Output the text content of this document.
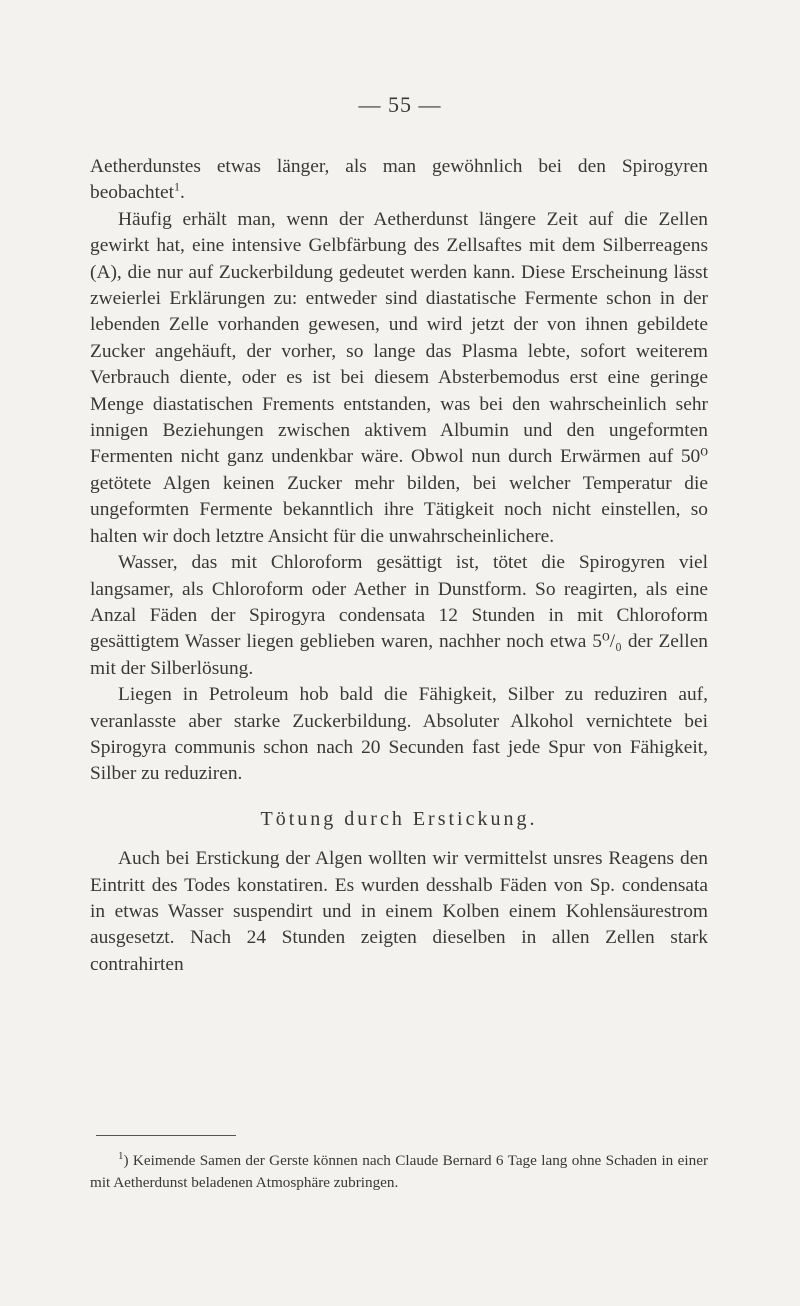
— 55 —

Aetherdunstes etwas länger, als man gewöhnlich bei den Spirogyren beobachtet$^1$.

Häufig erhält man, wenn der Aetherdunst längere Zeit auf die Zellen gewirkt hat, eine intensive Gelbfärbung des Zellsaftes mit dem Silberreagens (A), die nur auf Zuckerbildung gedeutet werden kann. Diese Erscheinung lässt zweierlei Erklärungen zu: entweder sind diastatische Fermente schon in der lebenden Zelle vorhanden gewesen, und wird jetzt der von ihnen gebildete Zucker angehäuft, der vorher, so lange das Plasma lebte, sofort weiterem Verbrauch diente, oder es ist bei diesem Absterbemodus erst eine geringe Menge diastatischen Frements entstanden, was bei den wahrscheinlich sehr innigen Beziehungen zwischen aktivem Albumin und den ungeformten Fermenten nicht ganz undenkbar wäre. Obwol nun durch Erwärmen auf 50⁰ getötete Algen keinen Zucker mehr bilden, bei welcher Temperatur die ungeformten Fermente bekanntlich ihre Tätigkeit noch nicht einstellen, so halten wir doch letztre Ansicht für die unwahrscheinlichere.

Wasser, das mit Chloroform gesättigt ist, tötet die Spirogyren viel langsamer, als Chloroform oder Aether in Dunstform. So reagirten, als eine Anzal Fäden der Spirogyra condensata 12 Stunden in mit Chloroform gesättigtem Wasser liegen geblieben waren, nachher noch etwa 5⁰/₀ der Zellen mit der Silberlösung.

Liegen in Petroleum hob bald die Fähigkeit, Silber zu reduziren auf, veranlasste aber starke Zuckerbildung. Absoluter Alkohol vernichtete bei Spirogyra communis schon nach 20 Secunden fast jede Spur von Fähigkeit, Silber zu reduziren.

Tötung durch Erstickung.

Auch bei Erstickung der Algen wollten wir vermittelst unsres Reagens den Eintritt des Todes konstatiren. Es wurden desshalb Fäden von Sp. condensata in etwas Wasser suspendirt und in einem Kolben einem Kohlensäurestrom ausgesetzt. Nach 24 Stunden zeigten dieselben in allen Zellen stark contrahirten

$^1$) Keimende Samen der Gerste können nach Claude Bernard 6 Tage lang ohne Schaden in einer mit Aetherdunst beladenen Atmosphäre zubringen.
